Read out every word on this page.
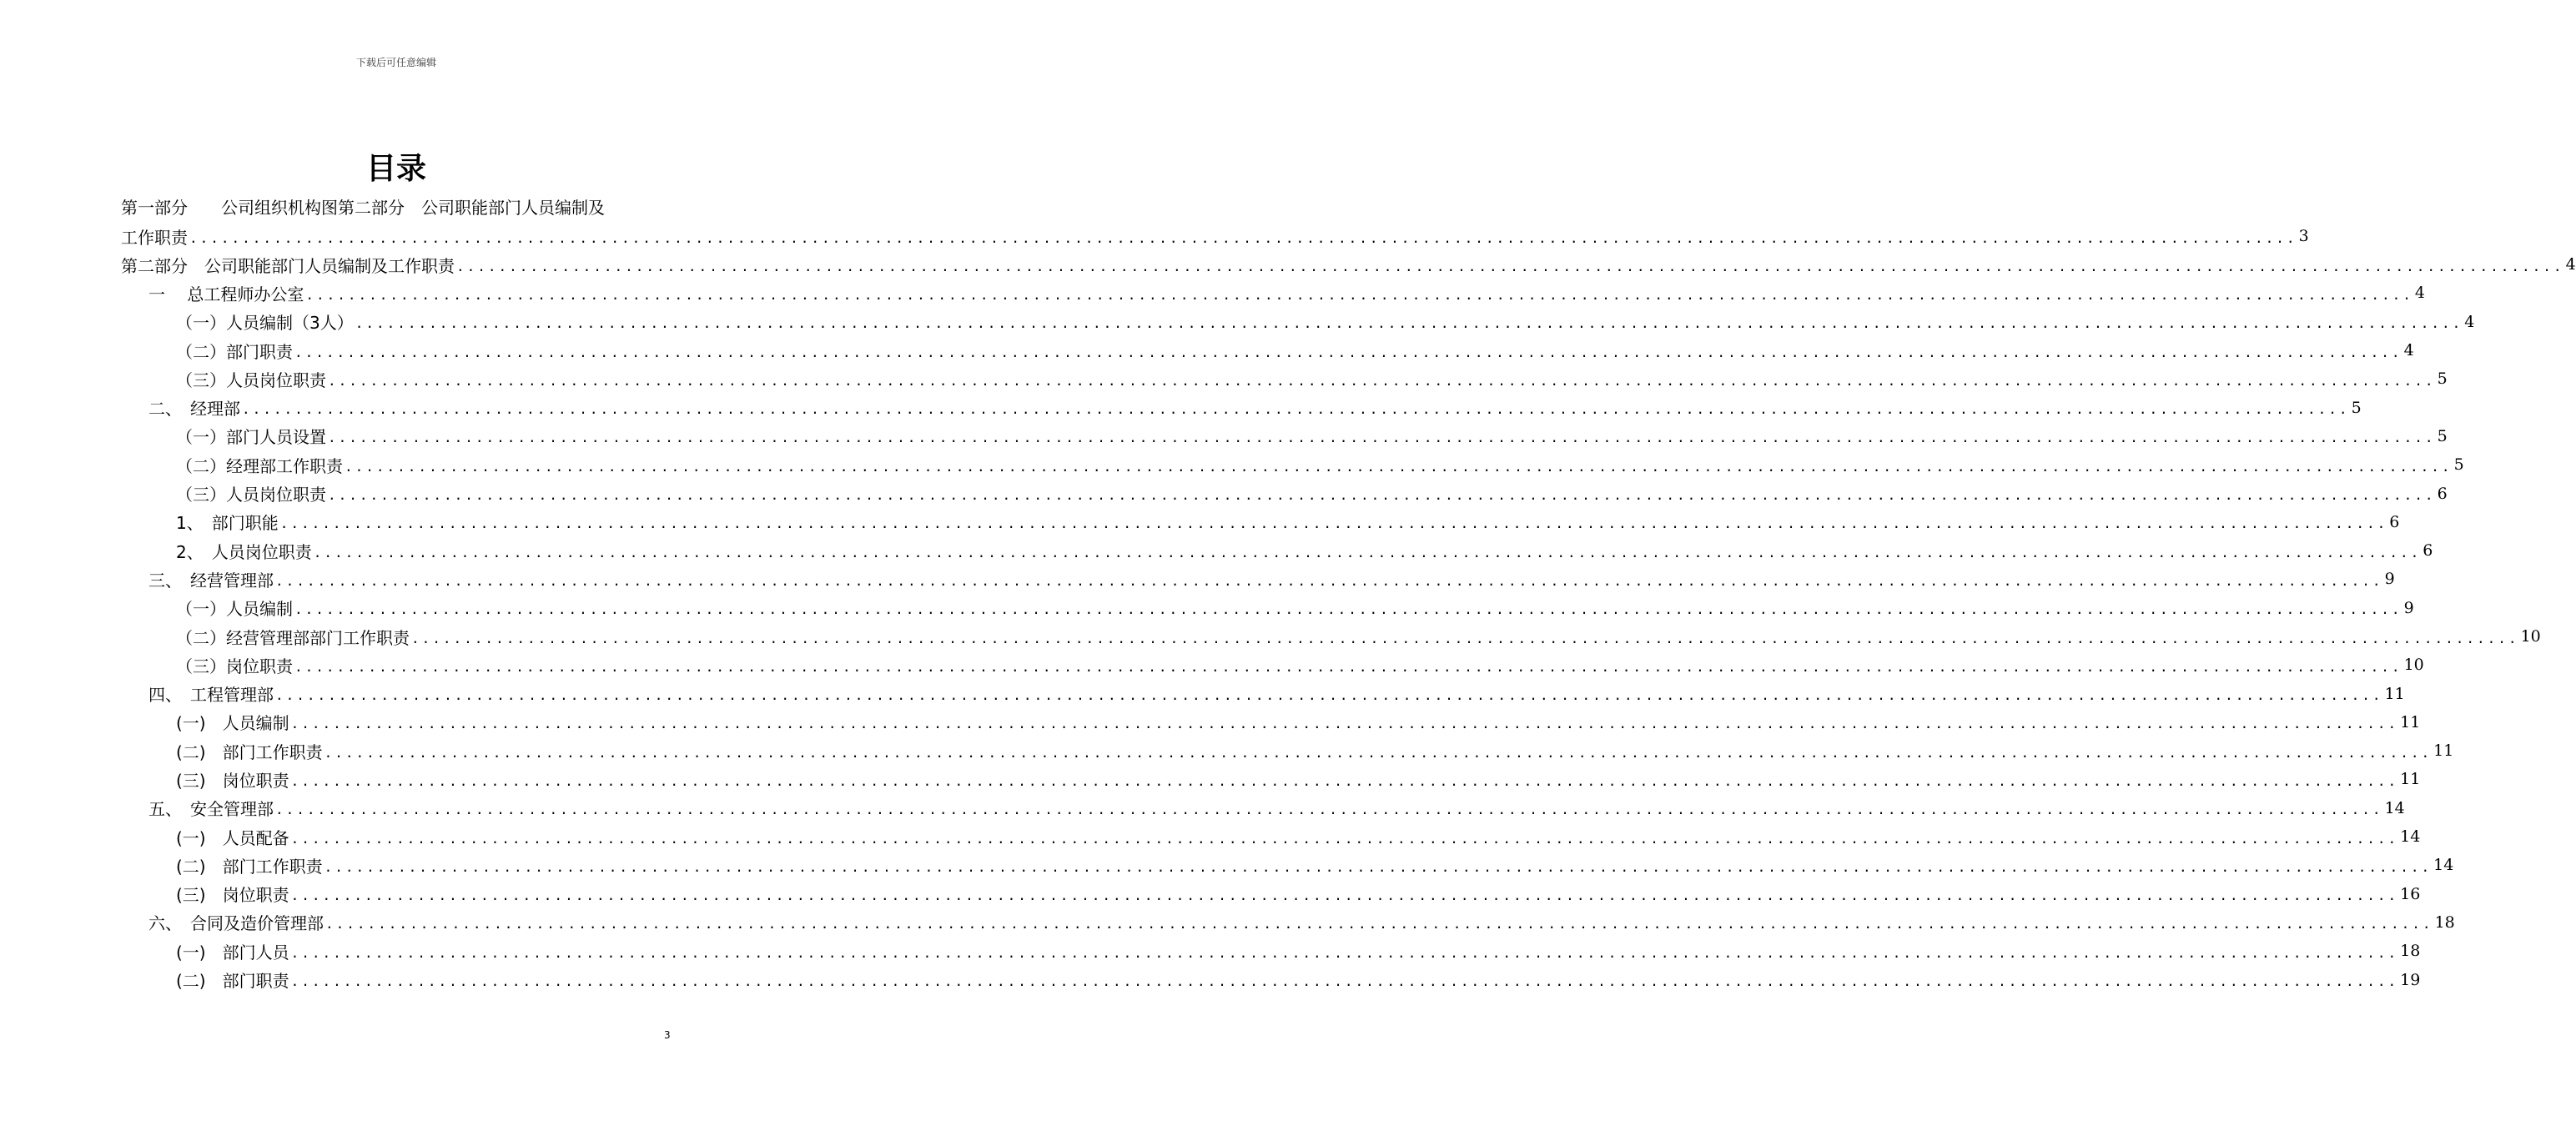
下载后可任意编辑
目录
第一部分　　公司组织机构图第二部分　公司职能部门人员编制及
工作职责 ........................................................................................................................................................................................................ 3
第二部分　公司职能部门人员编制及工作职责 ........................................................................................................................................................................................................ 4
一　 总工程师办公室 ........................................................................................................................................................................................................ 4
（一）人员编制（3人） ........................................................................................................................................................................................................ 4
（二）部门职责 ........................................................................................................................................................................................................ 4
（三）人员岗位职责 ........................................................................................................................................................................................................ 5
二、　经理部 ........................................................................................................................................................................................................ 5
（一）部门人员设置 ........................................................................................................................................................................................................ 5
（二）经理部工作职责 ........................................................................................................................................................................................................ 5
（三）人员岗位职责 ........................................................................................................................................................................................................ 6
1、　部门职能 ........................................................................................................................................................................................................ 6
2、　人员岗位职责 ........................................................................................................................................................................................................ 6
三、　经营管理部 ........................................................................................................................................................................................................ 9
（一）人员编制 ........................................................................................................................................................................................................ 9
（二）经营管理部部门工作职责 ........................................................................................................................................................................................................ 10
（三）岗位职责 ........................................................................................................................................................................................................ 10
四、　工程管理部 ........................................................................................................................................................................................................ 11
(一)　人员编制 ........................................................................................................................................................................................................ 11
(二)　部门工作职责 ........................................................................................................................................................................................................ 11
(三)　岗位职责 ........................................................................................................................................................................................................ 11
五、　安全管理部 ........................................................................................................................................................................................................ 14
(一)　人员配备 ........................................................................................................................................................................................................ 14
(二)　部门工作职责 ........................................................................................................................................................................................................ 14
(三)　岗位职责 ........................................................................................................................................................................................................ 16
六、　合同及造价管理部 ........................................................................................................................................................................................................ 18
(一)　部门人员 ........................................................................................................................................................................................................ 18
(二)　部门职责 ........................................................................................................................................................................................................ 19
3
